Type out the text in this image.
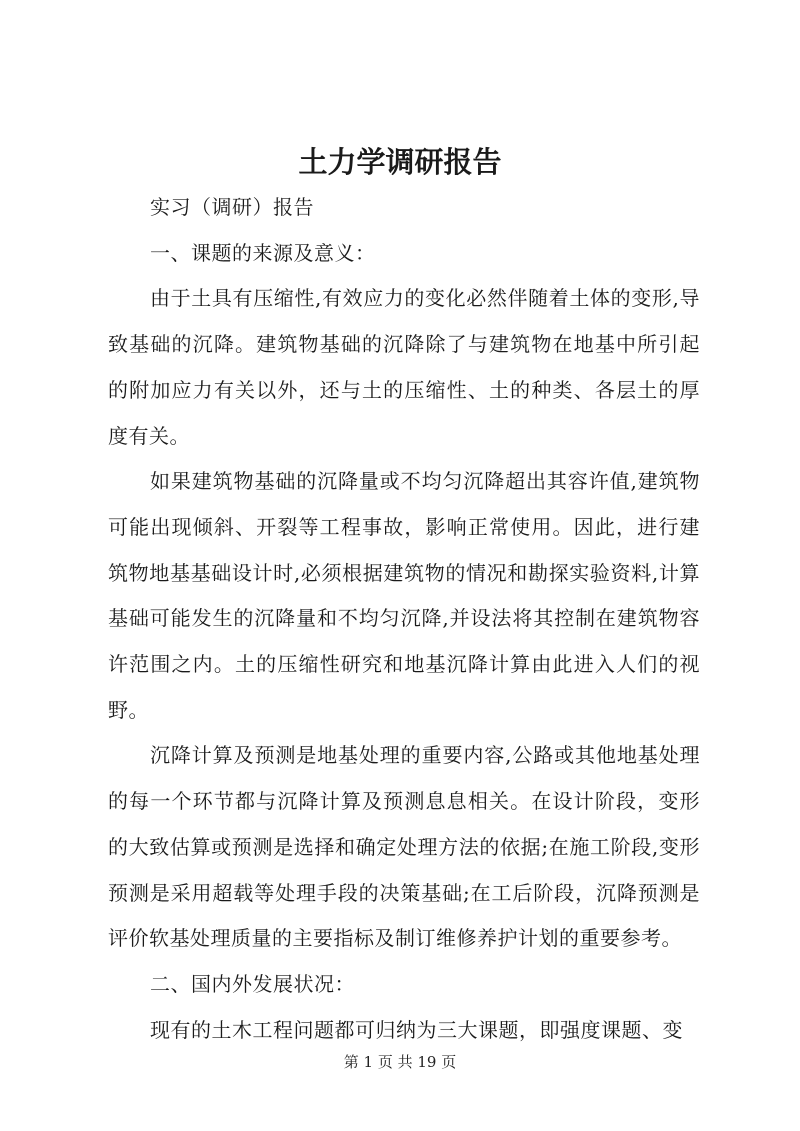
土力学调研报告

实习（调研）报告

一、课题的来源及意义：

由于土具有压缩性,有效应力的变化必然伴随着土体的变形,导致基础的沉降。建筑物基础的沉降除了与建筑物在地基中所引起的附加应力有关以外，还与土的压缩性、土的种类、各层土的厚度有关。

如果建筑物基础的沉降量或不均匀沉降超出其容许值,建筑物可能出现倾斜、开裂等工程事故，影响正常使用。因此，进行建筑物地基基础设计时,必须根据建筑物的情况和勘探实验资料,计算基础可能发生的沉降量和不均匀沉降,并设法将其控制在建筑物容许范围之内。土的压缩性研究和地基沉降计算由此进入人们的视野。

沉降计算及预测是地基处理的重要内容,公路或其他地基处理的每一个环节都与沉降计算及预测息息相关。在设计阶段，变形的大致估算或预测是选择和确定处理方法的依据;在施工阶段,变形预测是采用超载等处理手段的决策基础;在工后阶段，沉降预测是评价软基处理质量的主要指标及制订维修养护计划的重要参考。

二、国内外发展状况：

现有的土木工程问题都可归纳为三大课题，即强度课题、变

第 1 页 共 19 页
